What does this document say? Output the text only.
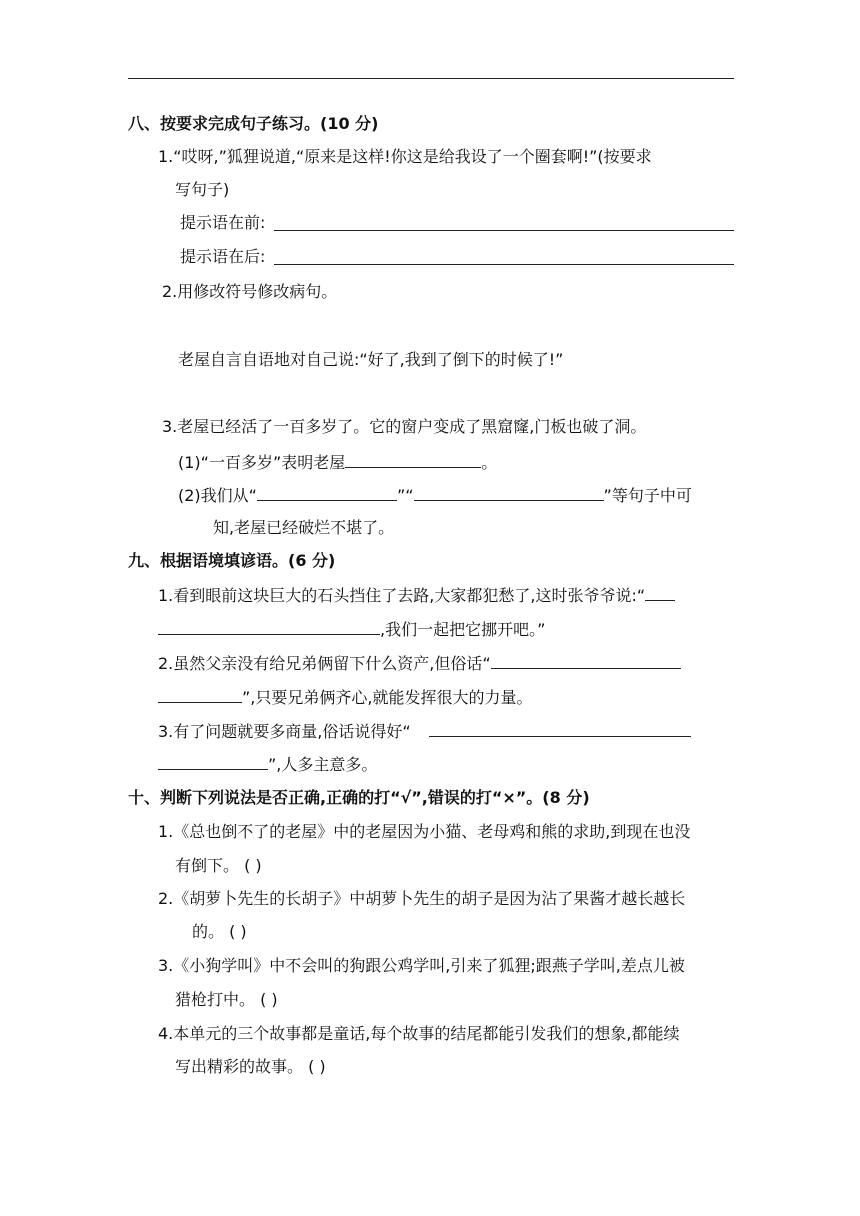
八、按要求完成句子练习。(10 分)
1.“哎呀,”狐狸说道,“原来是这样!你这是给我设了一个圈套啊!”(按要求
写句子)
提示语在前:
提示语在后:
2.用修改符号修改病句。
老屋自言自语地对自己说:“好了,我到了倒下的时候了!”
3.老屋已经活了一百多岁了。它的窗户变成了黑窟窿,门板也破了洞。
(1)“一百多岁”表明老屋	。
(2)我们从“	”“	”等句子中可
知,老屋已经破烂不堪了。
九、根据语境填谚语。(6 分)
1.看到眼前这块巨大的石头挡住了去路,大家都犯愁了,这时张爷爷说:“
,我们一起把它挪开吧。”
2.虽然父亲没有给兄弟俩留下什么资产,但俗话“
”,只要兄弟俩齐心,就能发挥很大的力量。
3.有了问题就要多商量,俗话说得好“
”,人多主意多。
十、判断下列说法是否正确,正确的打“√”,错误的打“×”。(8 分)
1.《总也倒不了的老屋》中的老屋因为小猫、老母鸡和熊的求助,到现在也没
有倒下。 ( )
2.《胡萝卜先生的长胡子》中胡萝卜先生的胡子是因为沾了果酱才越长越长
的。 ( )
3.《小狗学叫》中不会叫的狗跟公鸡学叫,引来了狐狸;跟燕子学叫,差点儿被
猎枪打中。 ( )
4.本单元的三个故事都是童话,每个故事的结尾都能引发我们的想象,都能续
写出精彩的故事。 ( )
